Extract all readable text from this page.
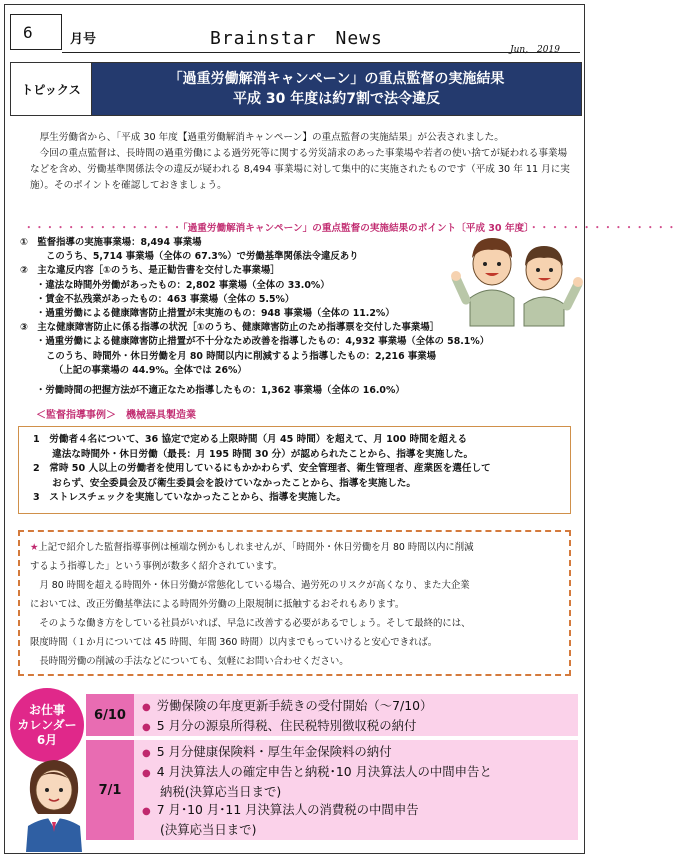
6	月号	Brainstar　News
Jun,　2019
トピックス
「過重労働解消キャンペーン」の重点監督の実施結果
平成 30 年度は約7割で法令違反

厚生労働省から、「平成 30 年度【過重労働解消キャンペーン】の重点監督の実施結果」が公表されました。

今回の重点監督は、長時間の過重労働による過労死等に関する労災請求のあった事業場や若者の使い捨てが疑われる事業場などを含め、労働基準関係法令の違反が疑われる 8,494 事業場に対して集中的に実施されたものです（平成 30 年 11 月に実施）。そのポイントを確認しておきましょう。

・・・・・・・・・・・・・・・「過重労働解消キャンペーン」の重点監督の実施結果のポイント〔平成 30 年度〕・・・・・・・・・・・・・・
①　監督指導の実施事業場：8,494 事業場
このうち、5,714 事業場（全体の 67.3%）で労働基準関係法令違反あり
②　主な違反内容［①のうち、是正勧告書を交付した事業場］
・違法な時間外労働があったもの：2,802 事業場（全体の 33.0%）
・賃金不払残業があったもの：463 事業場（全体の 5.5%）
・過重労働による健康障害防止措置が未実施のもの：948 事業場（全体の 11.2%）
③　主な健康障害防止に係る指導の状況［①のうち、健康障害防止のため指導票を交付した事業場］
・過重労働による健康障害防止措置が不十分なため改善を指導したもの：4,932 事業場（全体の 58.1%）
このうち、時間外・休日労働を月 80 時間以内に削減するよう指導したもの：2,216 事業場
（上記の事業場の 44.9%。全体では 26%）
・労働時間の把握方法が不適正なため指導したもの：1,362 事業場（全体の 16.0%）
＜監督指導事例＞　機械器具製造業
1　労働者４名について、36 協定で定める上限時間（月 45 時間）を超えて、月 100 時間を超える
　　違法な時間外・休日労働（最長：月 195 時間 30 分）が認められたことから、指導を実施した。
2　常時 50 人以上の労働者を使用しているにもかかわらず、安全管理者、衛生管理者、産業医を選任して
　　おらず、安全委員会及び衛生委員会を設けていなかったことから、指導を実施した。
3　ストレスチェックを実施していなかったことから、指導を実施した。

★上記で紹介した監督指導事例は極端な例かもしれませんが、「時間外・休日労働を月 80 時間以内に削減

するよう指導した」という事例が数多く紹介されています。

　月 80 時間を超える時間外・休日労働が常態化している場合、過労死のリスクが高くなり、また大企業

においては、改正労働基準法による時間外労働の上限規制に抵触するおそれもあります。

　そのような働き方をしている社員がいれば、早急に改善する必要があるでしょう。そして最終的には、

限度時間（１か月については 45 時間、年間 360 時間）以内までもっていけると安心できれば。

　長時間労働の削減の手法などについても、気軽にお問い合わせください。

お仕事
カレンダー
6月
6/10	● 労働保険の年度更新手続きの受付開始（～7/10）
● 5 月分の源泉所得税、住民税特別徴収税の納付
7/1
● 5 月分健康保険料・厚生年金保険料の納付
● 4 月決算法人の確定申告と納税･10 月決算法人の中間申告と
納税(決算応当日まで)
● 7 月･10 月･11 月決算法人の消費税の中間申告
(決算応当日まで)
